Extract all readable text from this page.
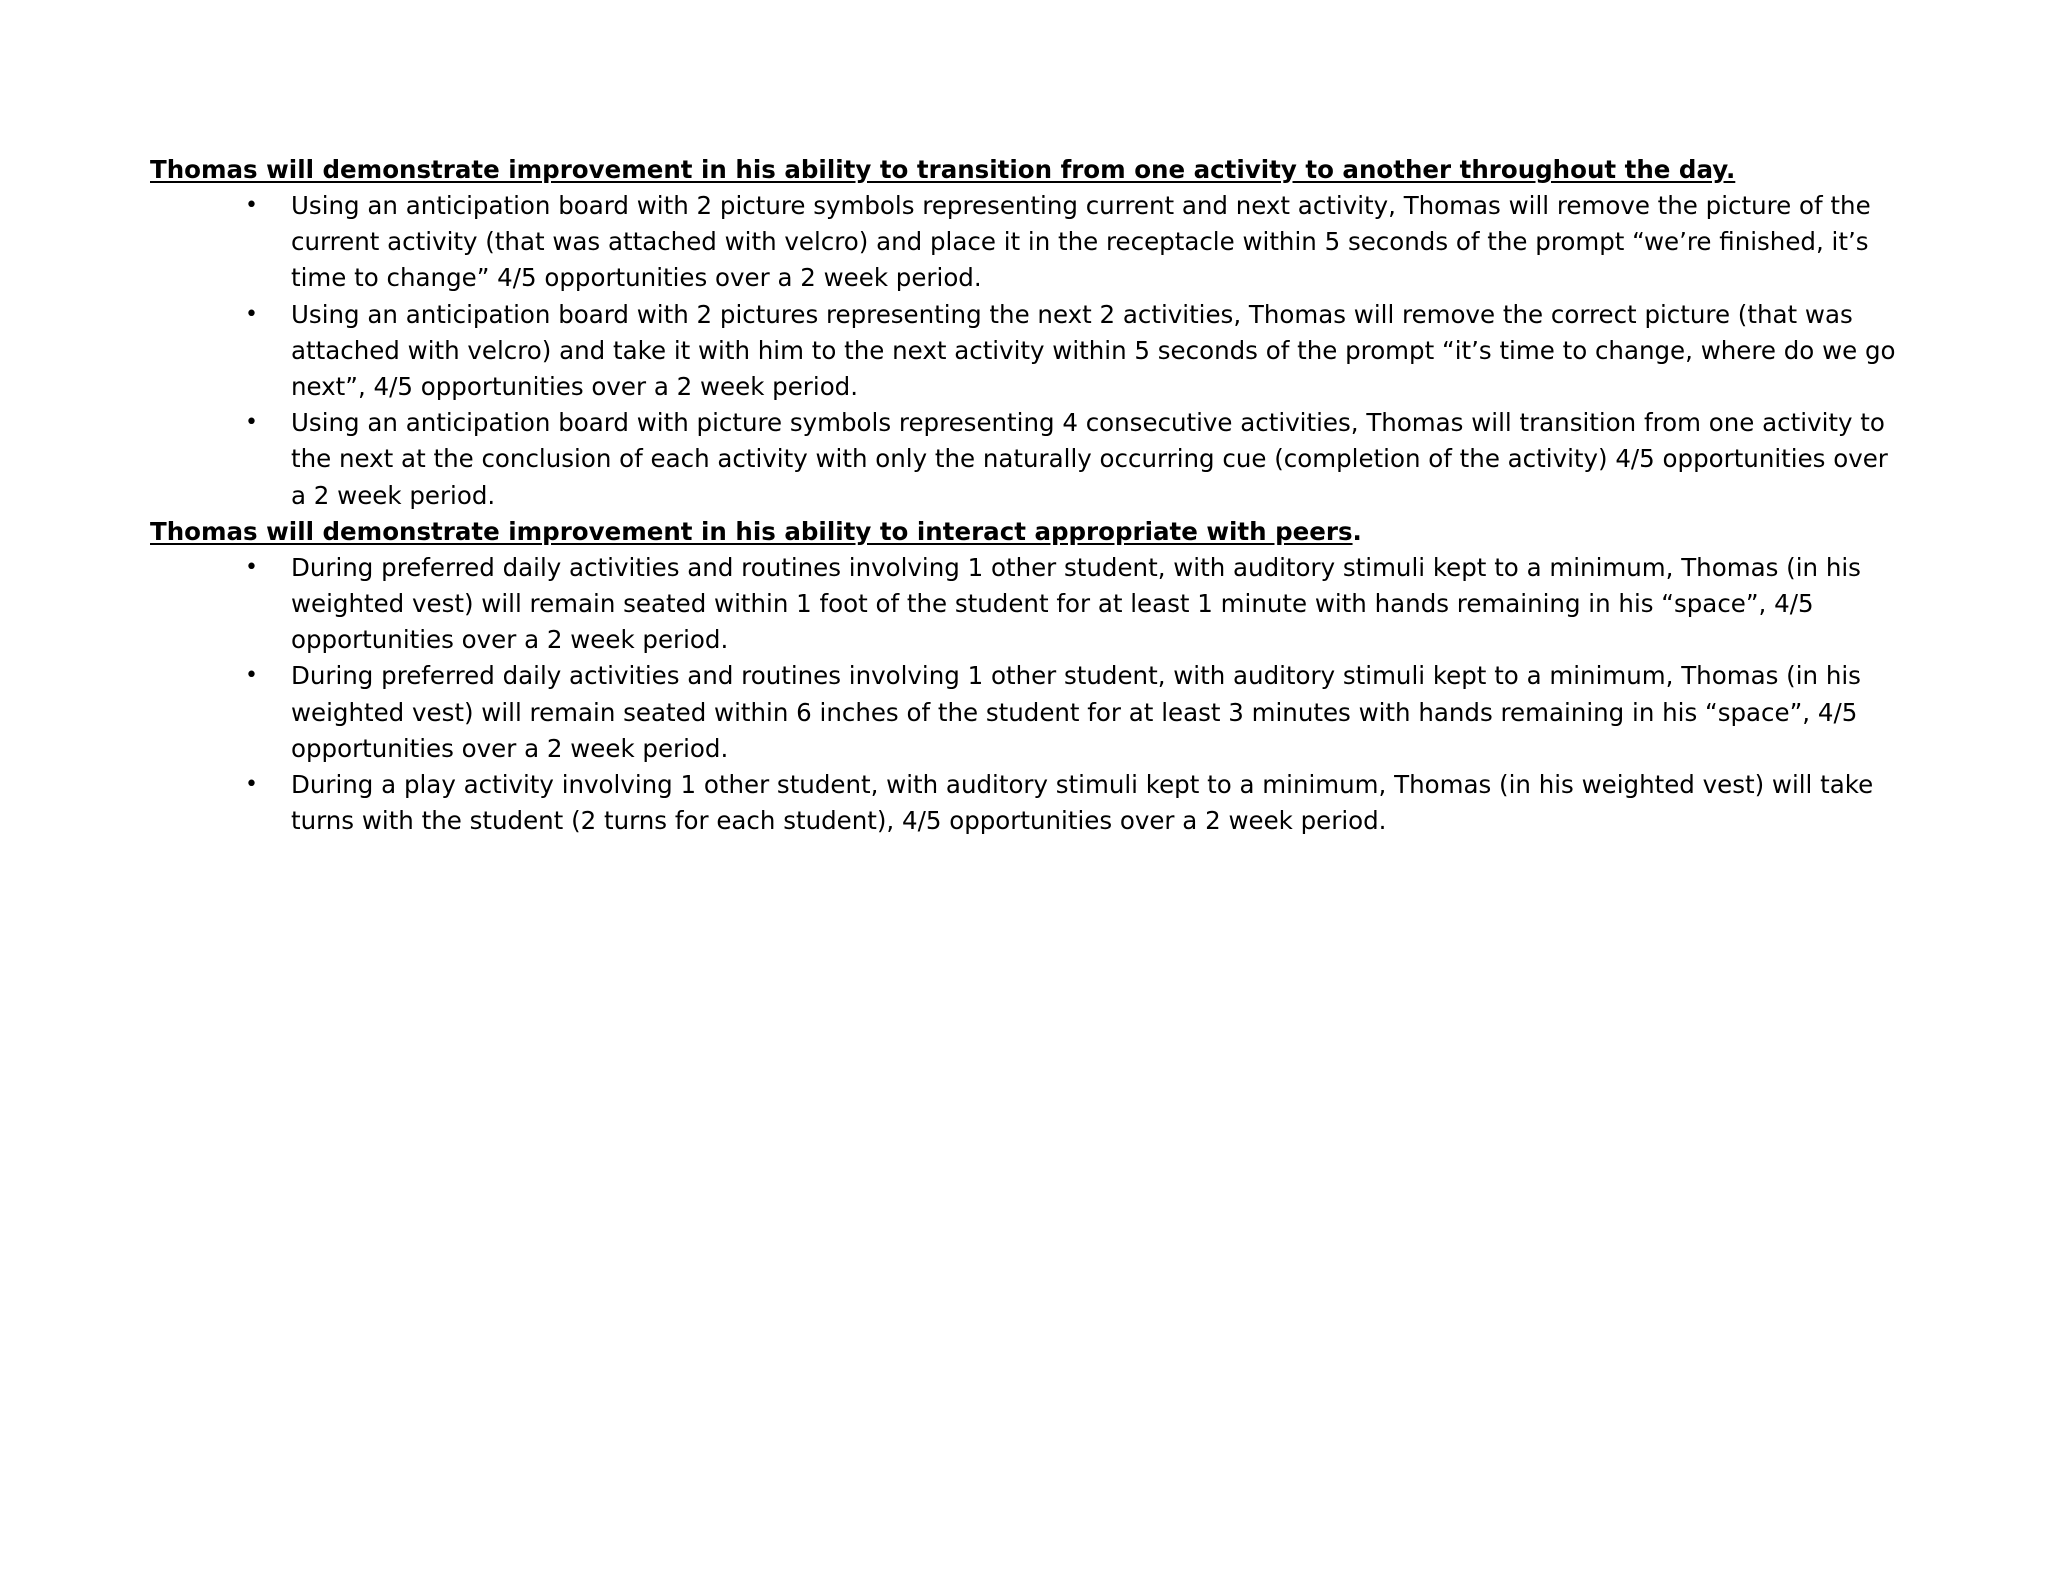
Thomas will demonstrate improvement in his ability to transition from one activity to another throughout the day.

• Using an anticipation board with 2 picture symbols representing current and next activity, Thomas will remove the picture of the current activity (that was attached with velcro) and place it in the receptacle within 5 seconds of the prompt “we’re finished, it’s time to change” 4/5 opportunities over a 2 week period.
• Using an anticipation board with 2 pictures representing the next 2 activities, Thomas will remove the correct picture (that was attached with velcro) and take it with him to the next activity within 5 seconds of the prompt “it’s time to change, where do we go next”, 4/5 opportunities over a 2 week period.
• Using an anticipation board with picture symbols representing 4 consecutive activities, Thomas will transition from one activity to the next at the conclusion of each activity with only the naturally occurring cue (completion of the activity) 4/5 opportunities over a 2 week period.

Thomas will demonstrate improvement in his ability to interact appropriate with peers.

• During preferred daily activities and routines involving 1 other student, with auditory stimuli kept to a minimum, Thomas (in his weighted vest) will remain seated within 1 foot of the student for at least 1 minute with hands remaining in his “space”, 4/5 opportunities over a 2 week period.
• During preferred daily activities and routines involving 1 other student, with auditory stimuli kept to a minimum, Thomas (in his weighted vest) will remain seated within 6 inches of the student for at least 3 minutes with hands remaining in his “space”, 4/5 opportunities over a 2 week period.
• During a play activity involving 1 other student, with auditory stimuli kept to a minimum, Thomas (in his weighted vest) will take turns with the student (2 turns for each student), 4/5 opportunities over a 2 week period.
